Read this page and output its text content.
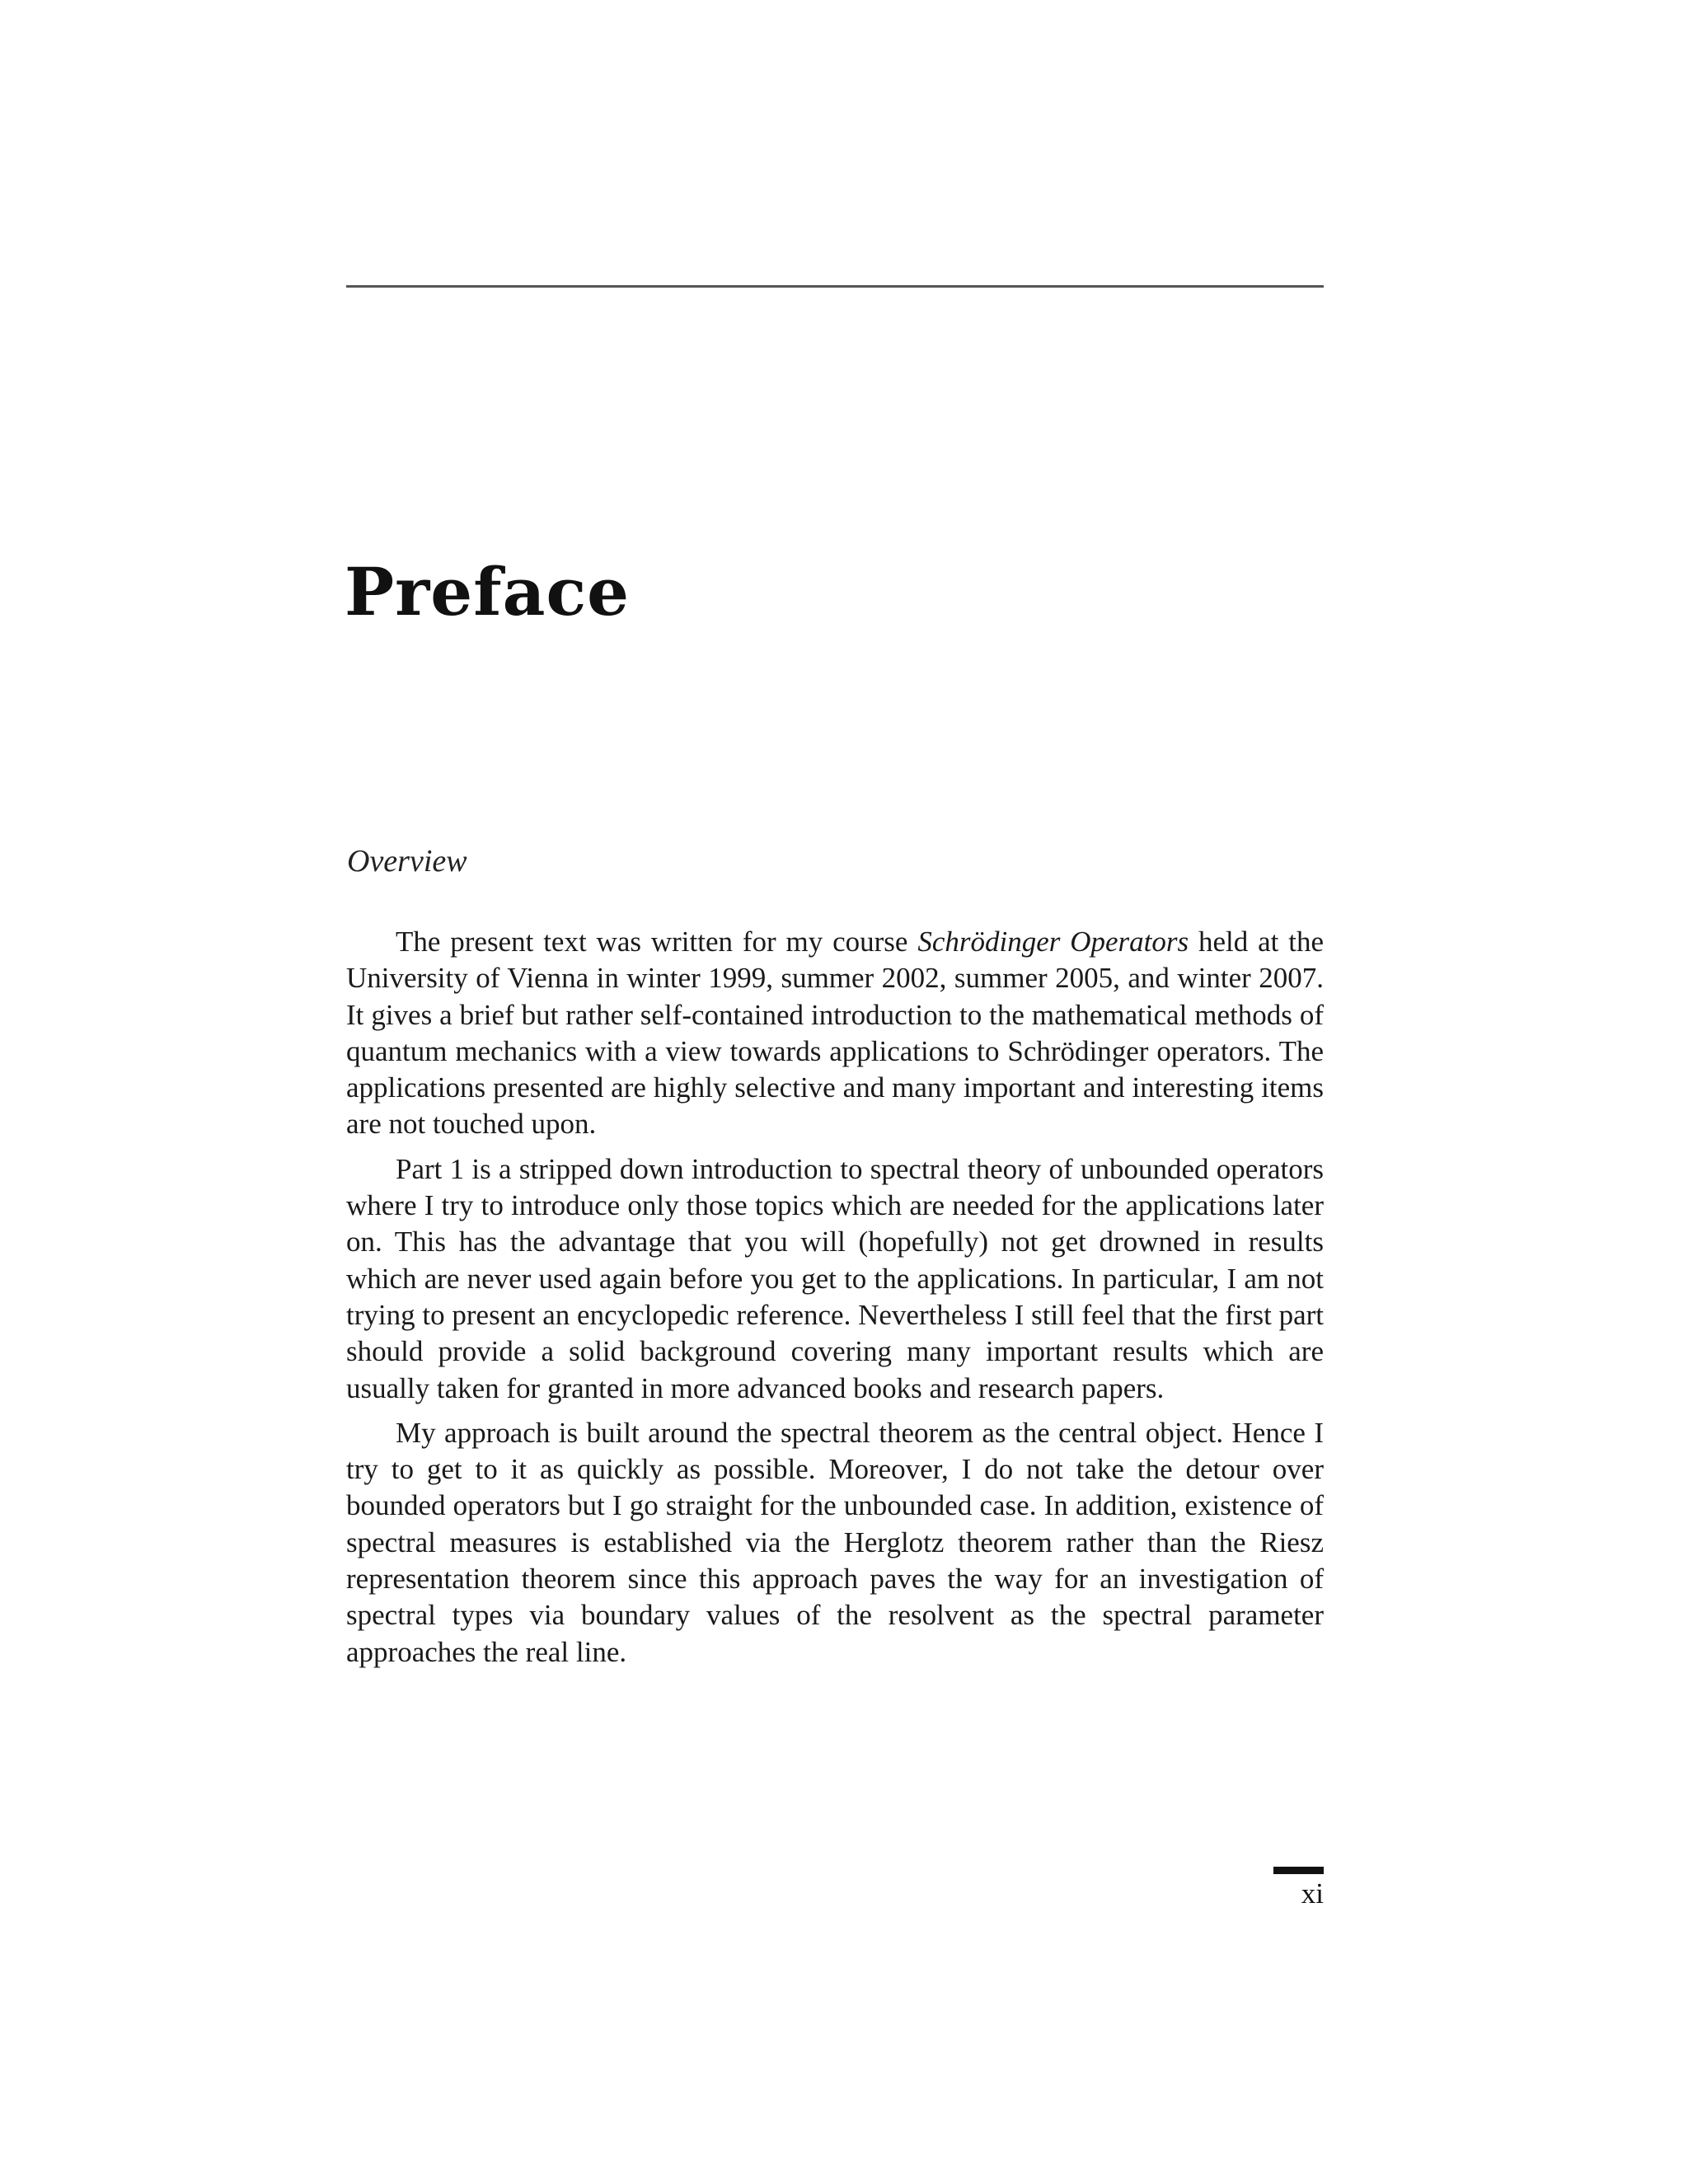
Preface
Overview

The present text was written for my course Schrödinger Operators held at the University of Vienna in winter 1999, summer 2002, summer 2005, and winter 2007. It gives a brief but rather self-contained introduction to the mathematical methods of quantum mechanics with a view towards applications to Schrödinger operators. The applications presented are highly selective and many important and interesting items are not touched upon.

Part 1 is a stripped down introduction to spectral theory of unbounded operators where I try to introduce only those topics which are needed for the applications later on. This has the advantage that you will (hopefully) not get drowned in results which are never used again before you get to the applications. In particular, I am not trying to present an encyclopedic reference. Nevertheless I still feel that the first part should provide a solid background covering many important results which are usually taken for granted in more advanced books and research papers.

My approach is built around the spectral theorem as the central object. Hence I try to get to it as quickly as possible. Moreover, I do not take the detour over bounded operators but I go straight for the unbounded case. In addition, existence of spectral measures is established via the Herglotz theorem rather than the Riesz representation theorem since this approach paves the way for an investigation of spectral types via boundary values of the resolvent as the spectral parameter approaches the real line.

xi
